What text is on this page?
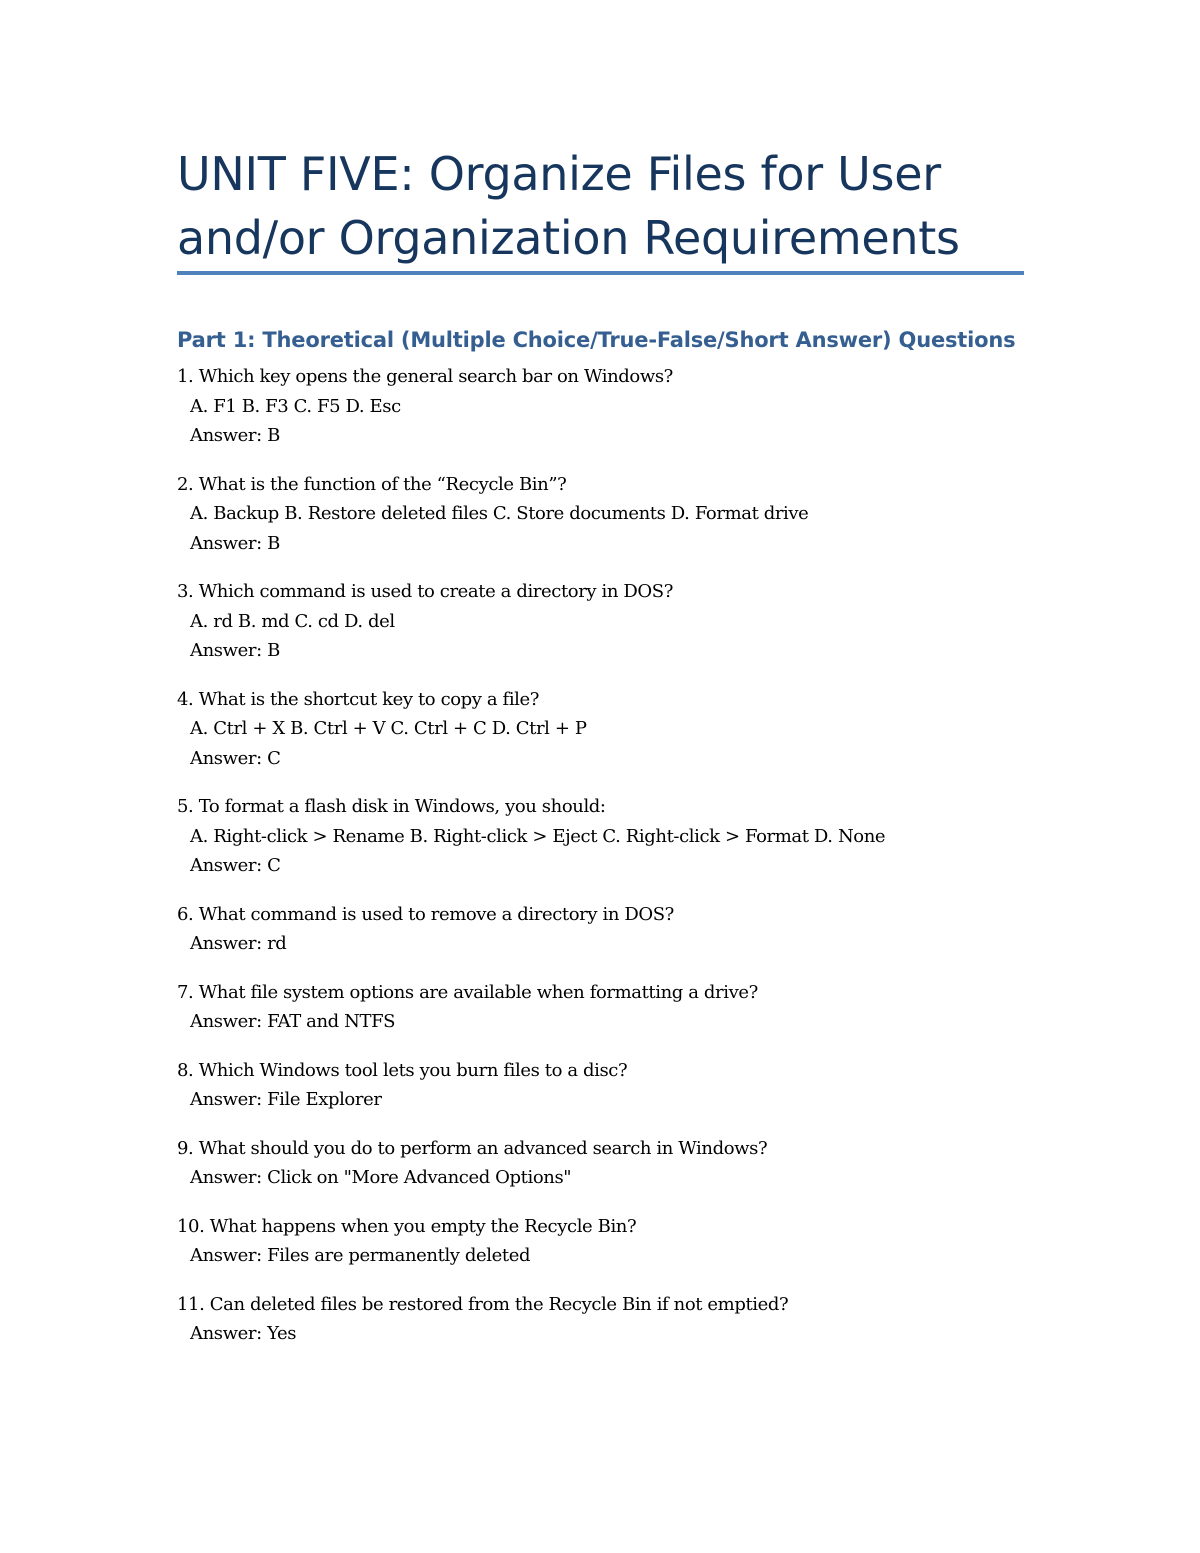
UNIT FIVE: Organize Files for User and/or Organization Requirements
Part 1: Theoretical (Multiple Choice/True-False/Short Answer) Questions
1. Which key opens the general search bar on Windows?
A. F1 B. F3 C. F5 D. Esc
Answer: B
2. What is the function of the “Recycle Bin”?
A. Backup B. Restore deleted files C. Store documents D. Format drive
Answer: B
3. Which command is used to create a directory in DOS?
A. rd B. md C. cd D. del
Answer: B
4. What is the shortcut key to copy a file?
A. Ctrl + X B. Ctrl + V C. Ctrl + C D. Ctrl + P
Answer: C
5. To format a flash disk in Windows, you should:
A. Right-click > Rename B. Right-click > Eject C. Right-click > Format D. None
Answer: C
6. What command is used to remove a directory in DOS?
Answer: rd
7. What file system options are available when formatting a drive?
Answer: FAT and NTFS
8. Which Windows tool lets you burn files to a disc?
Answer: File Explorer
9. What should you do to perform an advanced search in Windows?
Answer: Click on "More Advanced Options"
10. What happens when you empty the Recycle Bin?
Answer: Files are permanently deleted
11. Can deleted files be restored from the Recycle Bin if not emptied?
Answer: Yes
